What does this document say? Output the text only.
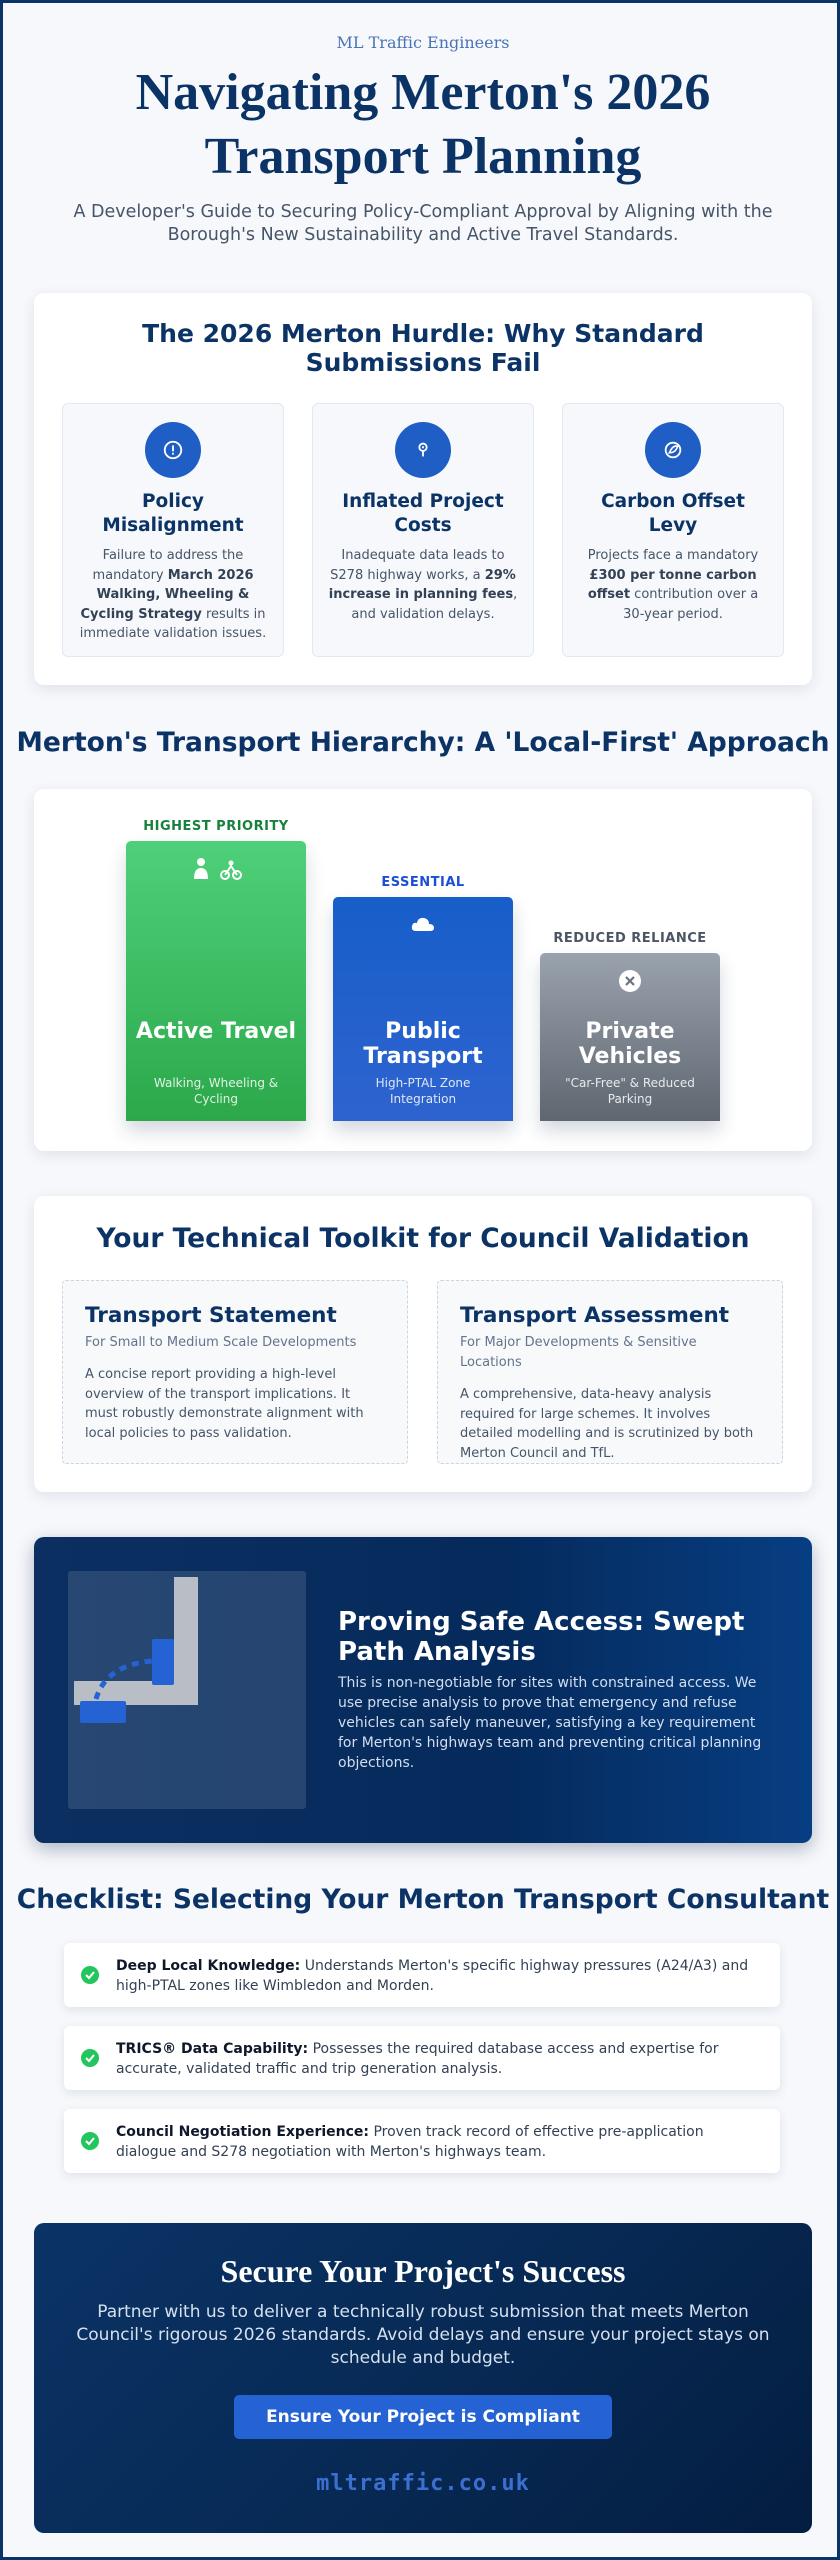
ML Traffic Engineers
Navigating Merton's 2026 Transport Planning

A Developer's Guide to Securing Policy-Compliant Approval by Aligning with the Borough's New Sustainability and Active Travel Standards.

The 2026 Merton Hurdle: Why Standard Submissions Fail
Policy Misalignment

Failure to address the mandatory March 2026 Walking, Wheeling & Cycling Strategy results in immediate validation issues.

Inflated Project Costs

Inadequate data leads to S278 highway works, a 29% increase in planning fees, and validation delays.

Carbon Offset Levy

Projects face a mandatory £300 per tonne carbon offset contribution over a 30-year period.

Merton's Transport Hierarchy: A 'Local-First' Approach
HIGHEST PRIORITY
Active Travel
Walking, Wheeling & Cycling
ESSENTIAL
Public Transport
High-PTAL Zone Integration
REDUCED RELIANCE
Private Vehicles
"Car-Free" & Reduced Parking
Your Technical Toolkit for Council Validation
Transport Statement
For Small to Medium Scale Developments

A concise report providing a high-level overview of the transport implications. It must robustly demonstrate alignment with local policies to pass validation.

Transport Assessment
For Major Developments & Sensitive Locations

A comprehensive, data-heavy analysis required for large schemes. It involves detailed modelling and is scrutinized by both Merton Council and TfL.

Proving Safe Access: Swept Path Analysis

This is non-negotiable for sites with constrained access. We use precise analysis to prove that emergency and refuse vehicles can safely maneuver, satisfying a key requirement for Merton's highways team and preventing critical planning objections.

Checklist: Selecting Your Merton Transport Consultant
Deep Local Knowledge: Understands Merton's specific highway pressures (A24/A3) and high-PTAL zones like Wimbledon and Morden.
TRICS® Data Capability: Possesses the required database access and expertise for accurate, validated traffic and trip generation analysis.
Council Negotiation Experience: Proven track record of effective pre-application dialogue and S278 negotiation with Merton's highways team.
Secure Your Project's Success

Partner with us to deliver a technically robust submission that meets Merton Council's rigorous 2026 standards. Avoid delays and ensure your project stays on schedule and budget.

Ensure Your Project is Compliant
mltraffic.co.uk
